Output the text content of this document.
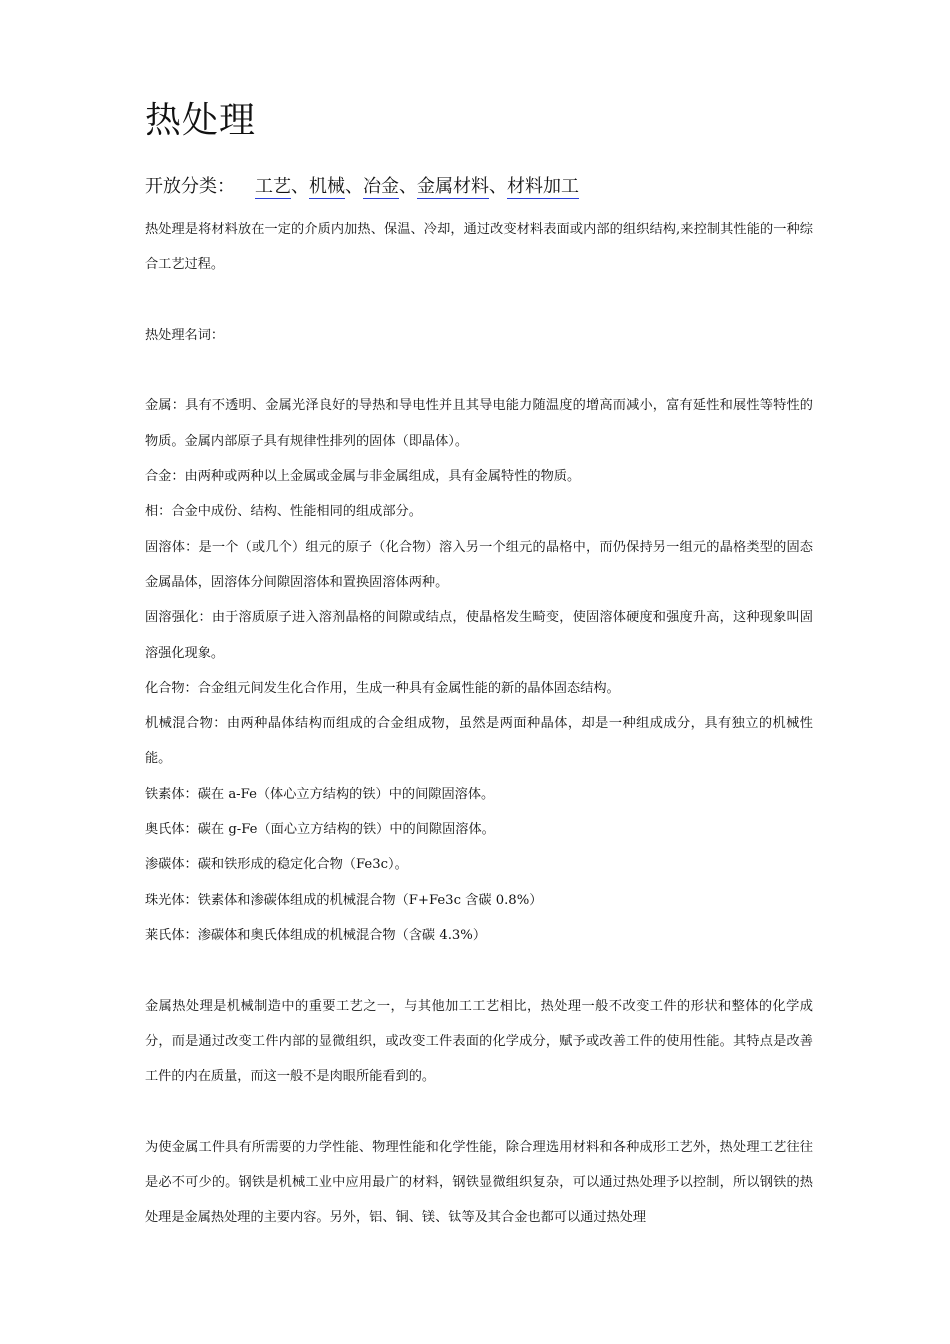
热处理
开放分类： 工艺、机械、冶金、金属材料、材料加工

热处理是将材料放在一定的介质内加热、保温、冷却，通过改变材料表面或内部的组织结构,来控制其性能的一种综合工艺过程。

热处理名词：

金属：具有不透明、金属光泽良好的导热和导电性并且其导电能力随温度的增高而减小，富有延性和展性等特性的物质。金属内部原子具有规律性排列的固体（即晶体）。

合金：由两种或两种以上金属或金属与非金属组成，具有金属特性的物质。

相：合金中成份、结构、性能相同的组成部分。

固溶体：是一个（或几个）组元的原子（化合物）溶入另一个组元的晶格中，而仍保持另一组元的晶格类型的固态金属晶体，固溶体分间隙固溶体和置换固溶体两种。

固溶强化：由于溶质原子进入溶剂晶格的间隙或结点，使晶格发生畸变，使固溶体硬度和强度升高，这种现象叫固溶强化现象。

化合物：合金组元间发生化合作用，生成一种具有金属性能的新的晶体固态结构。

机械混合物：由两种晶体结构而组成的合金组成物，虽然是两面种晶体，却是一种组成成分，具有独立的机械性能。

铁素体：碳在 a-Fe（体心立方结构的铁）中的间隙固溶体。

奥氏体：碳在 g-Fe（面心立方结构的铁）中的间隙固溶体。

渗碳体：碳和铁形成的稳定化合物（Fe3c）。

珠光体：铁素体和渗碳体组成的机械混合物（F+Fe3c 含碳 0.8%）

莱氏体：渗碳体和奥氏体组成的机械混合物（含碳 4.3%）

金属热处理是机械制造中的重要工艺之一，与其他加工工艺相比，热处理一般不改变工件的形状和整体的化学成分，而是通过改变工件内部的显微组织，或改变工件表面的化学成分，赋予或改善工件的使用性能。其特点是改善工件的内在质量，而这一般不是肉眼所能看到的。

为使金属工件具有所需要的力学性能、物理性能和化学性能，除合理选用材料和各种成形工艺外，热处理工艺往往是必不可少的。钢铁是机械工业中应用最广的材料，钢铁显微组织复杂，可以通过热处理予以控制，所以钢铁的热处理是金属热处理的主要内容。另外，铝、铜、镁、钛等及其合金也都可以通过热处理
